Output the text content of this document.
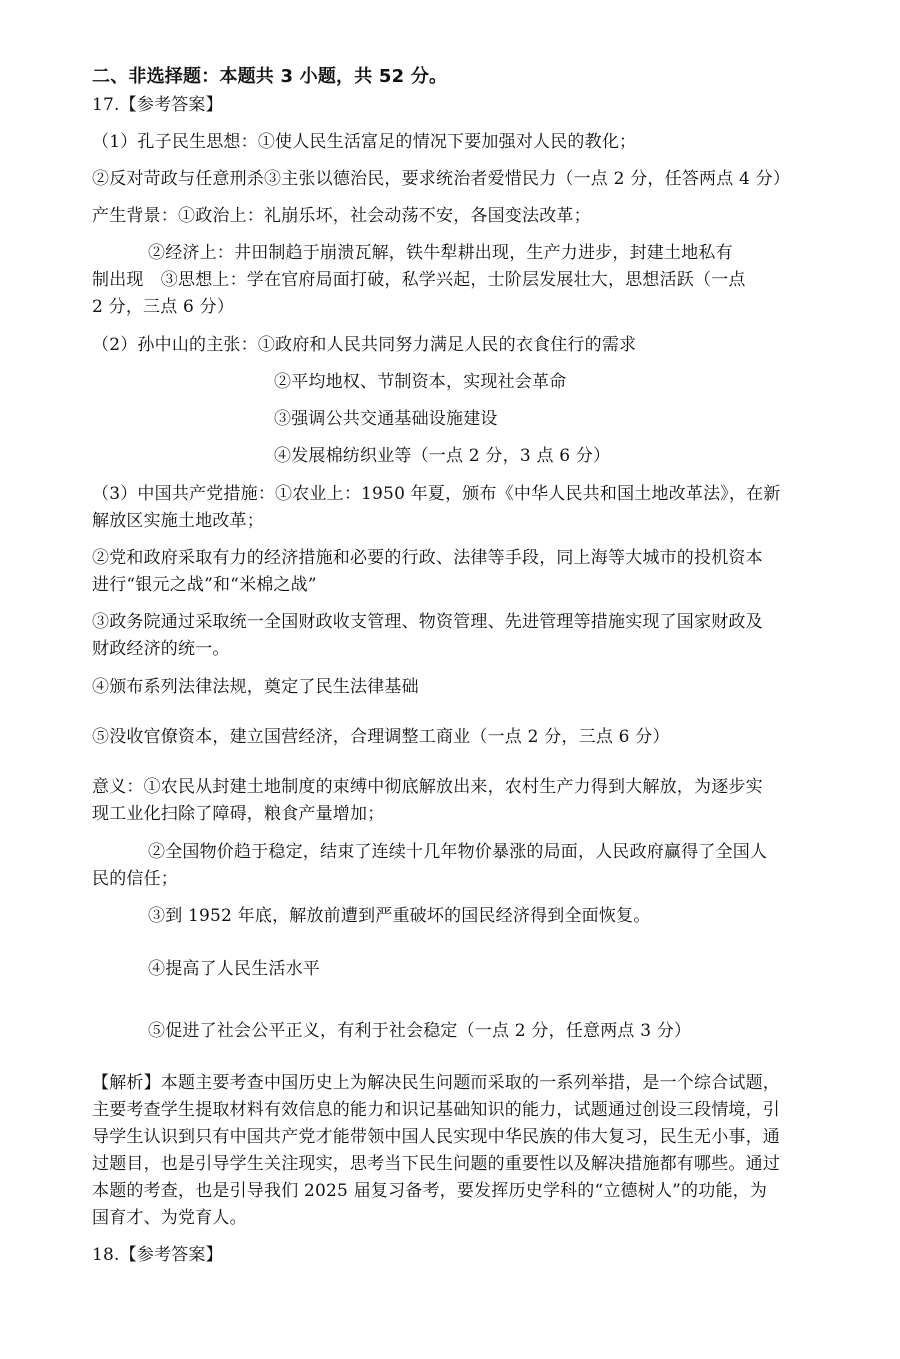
二、非选择题：本题共 3 小题，共 52 分。
17.【参考答案】
（1）孔子民生思想：①使人民生活富足的情况下要加强对人民的教化；
②反对苛政与任意刑杀③主张以德治民，要求统治者爱惜民力（一点 2 分，任答两点 4 分）
产生背景：①政治上：礼崩乐坏，社会动荡不安，各国变法改革；
②经济上：井田制趋于崩溃瓦解，铁牛犁耕出现，生产力进步，封建土地私有
制出现　③思想上：学在官府局面打破，私学兴起，士阶层发展壮大，思想活跃（一点
2 分，三点 6 分）
（2）孙中山的主张：①政府和人民共同努力满足人民的衣食住行的需求
②平均地权、节制资本，实现社会革命
③强调公共交通基础设施建设
④发展棉纺织业等（一点 2 分，3 点 6 分）
（3）中国共产党措施：①农业上：1950 年夏，颁布《中华人民共和国土地改革法》，在新
解放区实施土地改革；
②党和政府采取有力的经济措施和必要的行政、法律等手段，同上海等大城市的投机资本
进行“银元之战”和“米棉之战”
③政务院通过采取统一全国财政收支管理、物资管理、先进管理等措施实现了国家财政及
财政经济的统一。
④颁布系列法律法规，奠定了民生法律基础
⑤没收官僚资本，建立国营经济，合理调整工商业（一点 2 分，三点 6 分）
意义：①农民从封建土地制度的束缚中彻底解放出来，农村生产力得到大解放，为逐步实
现工业化扫除了障碍，粮食产量增加；
②全国物价趋于稳定，结束了连续十几年物价暴涨的局面，人民政府赢得了全国人
民的信任；
③到 1952 年底，解放前遭到严重破坏的国民经济得到全面恢复。
④提高了人民生活水平
⑤促进了社会公平正义，有利于社会稳定（一点 2 分，任意两点 3 分）
【解析】本题主要考查中国历史上为解决民生问题而采取的一系列举措，是一个综合试题，
主要考查学生提取材料有效信息的能力和识记基础知识的能力，试题通过创设三段情境，引
导学生认识到只有中国共产党才能带领中国人民实现中华民族的伟大复习，民生无小事，通
过题目，也是引导学生关注现实，思考当下民生问题的重要性以及解决措施都有哪些。通过
本题的考查，也是引导我们 2025 届复习备考，要发挥历史学科的“立德树人”的功能，为
国育才、为党育人。
18.【参考答案】
